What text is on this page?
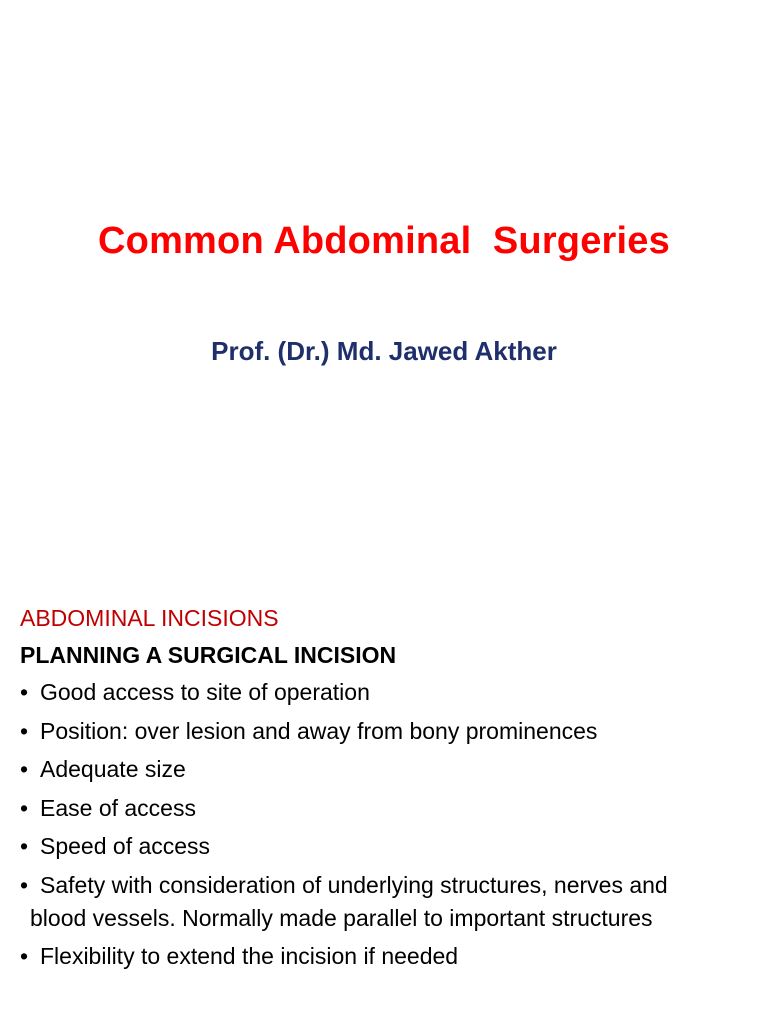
Common Abdominal  Surgeries
Prof. (Dr.) Md. Jawed Akther
ABDOMINAL INCISIONS
PLANNING A SURGICAL INCISION
• Good access to site of operation
• Position: over lesion and away from bony prominences
• Adequate size
• Ease of access
• Speed of access
• Safety with consideration of underlying structures, nerves and
blood vessels. Normally made parallel to important structures
• Flexibility to extend the incision if needed
